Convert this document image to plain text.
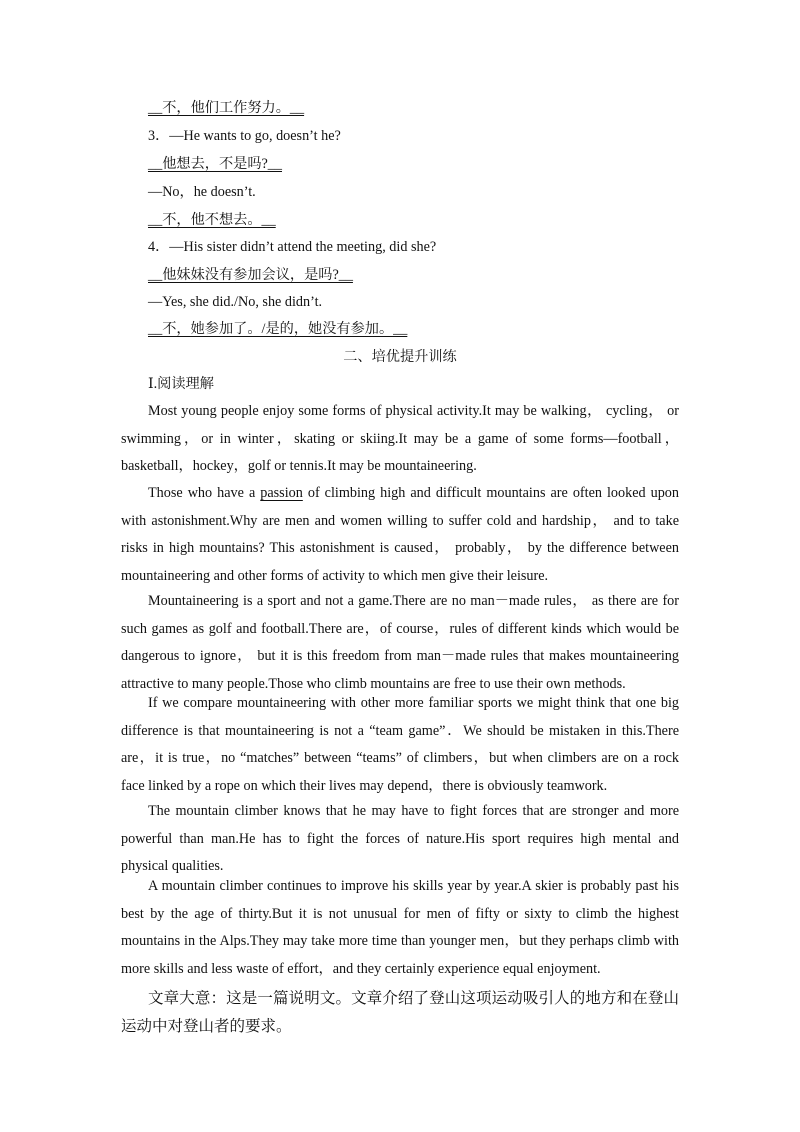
__不，他们工作努力。__
3．—He wants to go, doesn’t he?
__他想去，不是吗?__
—No，he doesn’t.
__不，他不想去。__
4．—His sister didn’t attend the meeting, did she?
__他妹妹没有参加会议，是吗?__
—Yes, she did./No, she didn’t.
__不，她参加了。/是的，她没有参加。__
二、培优提升训练
Ⅰ.阅读理解

Most young people enjoy some forms of physical activity.It may be walking， cycling， or swimming，or in winter，skating or skiing.It may be a game of some forms—football，basketball，hockey，golf or tennis.It may be mountaineering.

Those who have a passion of climbing high and difficult mountains are often looked upon with astonishment.Why are men and women willing to suffer cold and hardship， and to take risks in high mountains? This astonishment is caused， probably， by the difference between mountaineering and other forms of activity to which men give their leisure.

Mountaineering is a sport and not a game.There are no man－made rules， as there are for such games as golf and football.There are，of course，rules of different kinds which would be dangerous to ignore， but it is this freedom from man－made rules that makes mountaineering attractive to many people.Those who climb mountains are free to use their own methods.

If we compare mountaineering with other more familiar sports we might think that one big difference is that mountaineering is not a “team game”．We should be mistaken in this.There are，it is true，no “matches” between “teams” of climbers，but when climbers are on a rock face linked by a rope on which their lives may depend，there is obviously teamwork.

The mountain climber knows that he may have to fight forces that are stronger and more powerful than man.He has to fight the forces of nature.His sport requires high mental and physical qualities.

A mountain climber continues to improve his skills year by year.A skier is probably past his best by the age of thirty.But it is not unusual for men of fifty or sixty to climb the highest mountains in the Alps.They may take more time than younger men，but they perhaps climb with more skills and less waste of effort，and they certainly experience equal enjoyment.

文章大意：这是一篇说明文。文章介绍了登山这项运动吸引人的地方和在登山运动中对登山者的要求。
